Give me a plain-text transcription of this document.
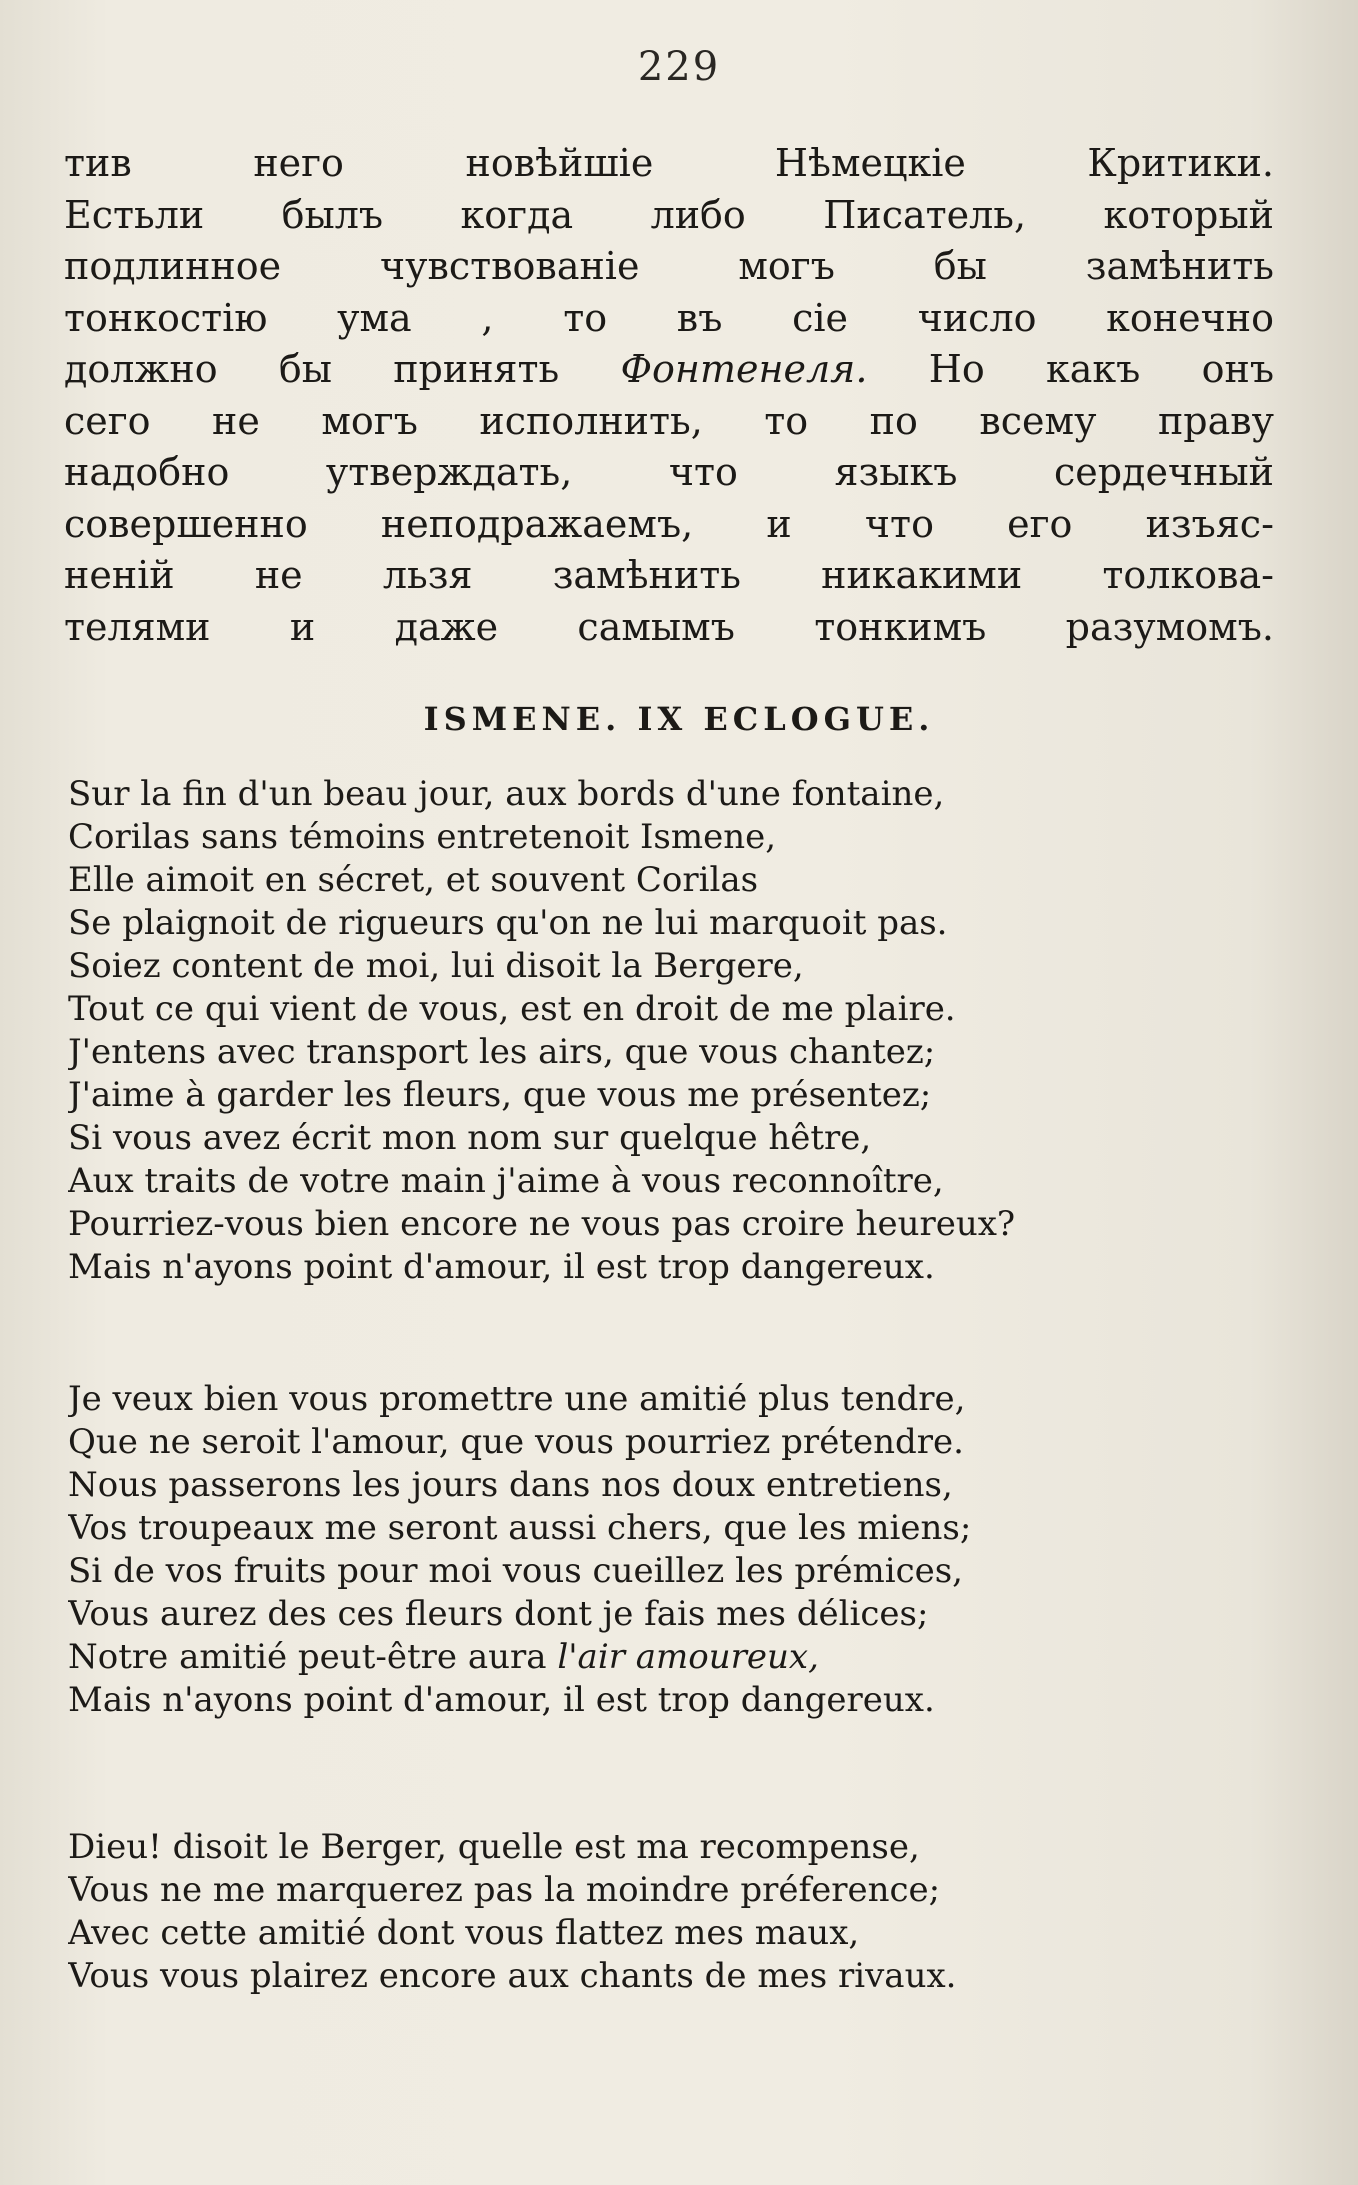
229
тив	него	новѣйшіе	Нѣмецкіе	Критики.
Естьли былъ когда либо Писатель, который
подлинное	чувствованіе	могъ	бы	замѣнить
тонкостію ума , то въ сіе число конечно
должно бы принять Фонтенеля. Но какъ онъ
сего не могъ исполнить, то по всему праву
надобно	утверждать,	что	языкъ	сердечный
совершенно неподражаемъ, и что его изъяс-
неній не льзя замѣнить никакими толкова-
телями и даже самымъ тонкимъ разумомъ.
ISMENE. IX ECLOGUE.
Sur la fin d'un beau jour, aux bords d'une fontaine,
Corilas sans témoins entretenoit Ismene,
Elle aimoit en sécret, et souvent Corilas
Se plaignoit de rigueurs qu'on ne lui marquoit pas.
Soiez content de moi, lui disoit la Bergere,
Tout ce qui vient de vous, est en droit de me plaire.
J'entens avec transport les airs, que vous chantez;
J'aime à garder les fleurs, que vous me présentez;
Si vous avez écrit mon nom sur quelque hêtre,
Aux traits de votre main j'aime à vous reconnoître,
Pourriez-vous bien encore ne vous pas croire heureux?
Mais n'ayons point d'amour, il est trop dangereux.
Je veux bien vous promettre une amitié plus tendre,
Que ne seroit l'amour, que vous pourriez prétendre.
Nous passerons les jours dans nos doux entretiens,
Vos troupeaux me seront aussi chers, que les miens;
Si de vos fruits pour moi vous cueillez les prémices,
Vous aurez des ces fleurs dont je fais mes délices;
Notre amitié peut-être aura l'air amoureux,
Mais n'ayons point d'amour, il est trop dangereux.
Dieu! disoit le Berger, quelle est ma recompense,
Vous ne me marquerez pas la moindre préference;
Avec cette amitié dont vous flattez mes maux,
Vous vous plairez encore aux chants de mes rivaux.
